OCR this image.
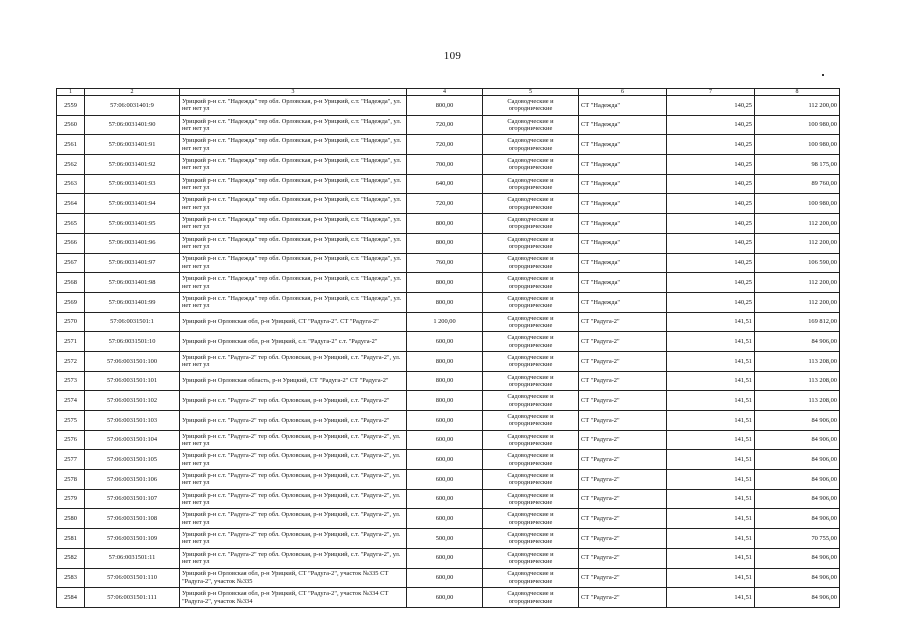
109
1	2	3	4	5	6	7	8
2559	57:06:0031401:9	Урицкий р-н с.т. "Надежда" тер обл. Орловская, р-н Урицкий, с.т. "Надежда", ул. нет нет ул	800,00	Садоводческие и огороднические	СТ "Надежда"	140,25	112 200,00
2560	57:06:0031401:90	Урицкий р-н с.т. "Надежда" тер обл. Орловская, р-н Урицкий, с.т. "Надежда", ул. нет нет ул	720,00	Садоводческие и огороднические	СТ "Надежда"	140,25	100 980,00
2561	57:06:0031401:91	Урицкий р-н с.т. "Надежда" тер обл. Орловская, р-н Урицкий, с.т. "Надежда", ул. нет нет ул	720,00	Садоводческие и огороднические	СТ "Надежда"	140,25	100 980,00
2562	57:06:0031401:92	Урицкий р-н с.т. "Надежда" тер обл. Орловская, р-н Урицкий, с.т. "Надежда", ул. нет нет ул	700,00	Садоводческие и огороднические	СТ "Надежда"	140,25	98 175,00
2563	57:06:0031401:93	Урицкий р-н с.т. "Надежда" тер обл. Орловская, р-н Урицкий, с.т. "Надежда", ул. нет нет ул	640,00	Садоводческие и огороднические	СТ "Надежда"	140,25	89 760,00
2564	57:06:0031401:94	Урицкий р-н с.т. "Надежда" тер обл. Орловская, р-н Урицкий, с.т. "Надежда", ул. нет нет ул	720,00	Садоводческие и огороднические	СТ "Надежда"	140,25	100 980,00
2565	57:06:0031401:95	Урицкий р-н с.т. "Надежда" тер обл. Орловская, р-н Урицкий, с.т. "Надежда", ул. нет нет ул	800,00	Садоводческие и огороднические	СТ "Надежда"	140,25	112 200,00
2566	57:06:0031401:96	Урицкий р-н с.т. "Надежда" тер обл. Орловская, р-н Урицкий, с.т. "Надежда", ул. нет нет ул	800,00	Садоводческие и огороднические	СТ "Надежда"	140,25	112 200,00
2567	57:06:0031401:97	Урицкий р-н с.т. "Надежда" тер обл. Орловская, р-н Урицкий, с.т. "Надежда", ул. нет нет ул	760,00	Садоводческие и огороднические	СТ "Надежда"	140,25	106 590,00
2568	57:06:0031401:98	Урицкий р-н с.т. "Надежда" тер обл. Орловская, р-н Урицкий, с.т. "Надежда", ул. нет нет ул	800,00	Садоводческие и огороднические	СТ "Надежда"	140,25	112 200,00
2569	57:06:0031401:99	Урицкий р-н с.т. "Надежда" тер обл. Орловская, р-н Урицкий, с.т. "Надежда", ул. нет нет ул	800,00	Садоводческие и огороднические	СТ "Надежда"	140,25	112 200,00
2570	57:06:0031501:1	Урицкий р-н Орловская обл, р-н Урицкий, СТ "Радуга-2". СТ "Радуга-2"	1 200,00	Садоводческие и огороднические	СТ "Радуга-2"	141,51	169 812,00
2571	57:06:0031501:10	Урицкий р-н Орловская обл, р-н Урицкий, с.т. "Радуга-2" с.т. "Радуга-2"	600,00	Садоводческие и огороднические	СТ "Радуга-2"	141,51	84 906,00
2572	57:06:0031501:100	Урицкий р-н с.т. "Радуга-2" тер обл. Орловская, р-н Урицкий, с.т. "Радуга-2", ул. нет нет ул	800,00	Садоводческие и огороднические	СТ "Радуга-2"	141,51	113 208,00
2573	57:06:0031501:101	Урицкий р-н Орловская область, р-н Урицкий, СТ "Радуга-2" СТ "Радуга-2"	800,00	Садоводческие и огороднические	СТ "Радуга-2"	141,51	113 208,00
2574	57:06:0031501:102	Урицкий р-н с.т. "Радуга-2" тер обл. Орловская, р-н Урицкий, с.т. "Радуга-2"	800,00	Садоводческие и огороднические	СТ "Радуга-2"	141,51	113 208,00
2575	57:06:0031501:103	Урицкий р-н с.т. "Радуга-2" тер обл. Орловская, р-н Урицкий, с.т. "Радуга-2"	600,00	Садоводческие и огороднические	СТ "Радуга-2"	141,51	84 906,00
2576	57:06:0031501:104	Урицкий р-н с.т. "Радуга-2" тер обл. Орловская, р-н Урицкий, с.т. "Радуга-2", ул. нет нет ул	600,00	Садоводческие и огороднические	СТ "Радуга-2"	141,51	84 906,00
2577	57:06:0031501:105	Урицкий р-н с.т. "Радуга-2" тер обл. Орловская, р-н Урицкий, с.т. "Радуга-2", ул. нет нет ул	600,00	Садоводческие и огороднические	СТ "Радуга-2"	141,51	84 906,00
2578	57:06:0031501:106	Урицкий р-н с.т. "Радуга-2" тер обл. Орловская, р-н Урицкий, с.т. "Радуга-2", ул. нет нет ул	600,00	Садоводческие и огороднические	СТ "Радуга-2"	141,51	84 906,00
2579	57:06:0031501:107	Урицкий р-н с.т. "Радуга-2" тер обл. Орловская, р-н Урицкий, с.т. "Радуга-2", ул. нет нет ул	600,00	Садоводческие и огороднические	СТ "Радуга-2"	141,51	84 906,00
2580	57:06:0031501:108	Урицкий р-н с.т. "Радуга-2" тер обл. Орловская, р-н Урицкий, с.т. "Радуга-2", ул. нет нет ул	600,00	Садоводческие и огороднические	СТ "Радуга-2"	141,51	84 906,00
2581	57:06:0031501:109	Урицкий р-н с.т. "Радуга-2" тер обл. Орловская, р-н Урицкий, с.т. "Радуга-2", ул. нет нет ул	500,00	Садоводческие и огороднические	СТ "Радуга-2"	141,51	70 755,00
2582	57:06:0031501:11	Урицкий р-н с.т. "Радуга-2" тер обл. Орловская, р-н Урицкий, с.т. "Радуга-2", ул. нет нет ул	600,00	Садоводческие и огороднические	СТ "Радуга-2"	141,51	84 906,00
2583	57:06:0031501:110	Урицкий р-н Орловская обл, р-н Урицкий, СТ "Радуга-2", участок №335 СТ "Радуга-2", участок №335	600,00	Садоводческие и огороднические	СТ "Радуга-2"	141,51	84 906,00
2584	57:06:0031501:111	Урицкий р-н Орловская обл, р-н Урицкий, СТ "Радуга-2", участок №334 СТ "Радуга-2", участок №334	600,00	Садоводческие и огороднические	СТ "Радуга-2"	141,51	84 906,00
